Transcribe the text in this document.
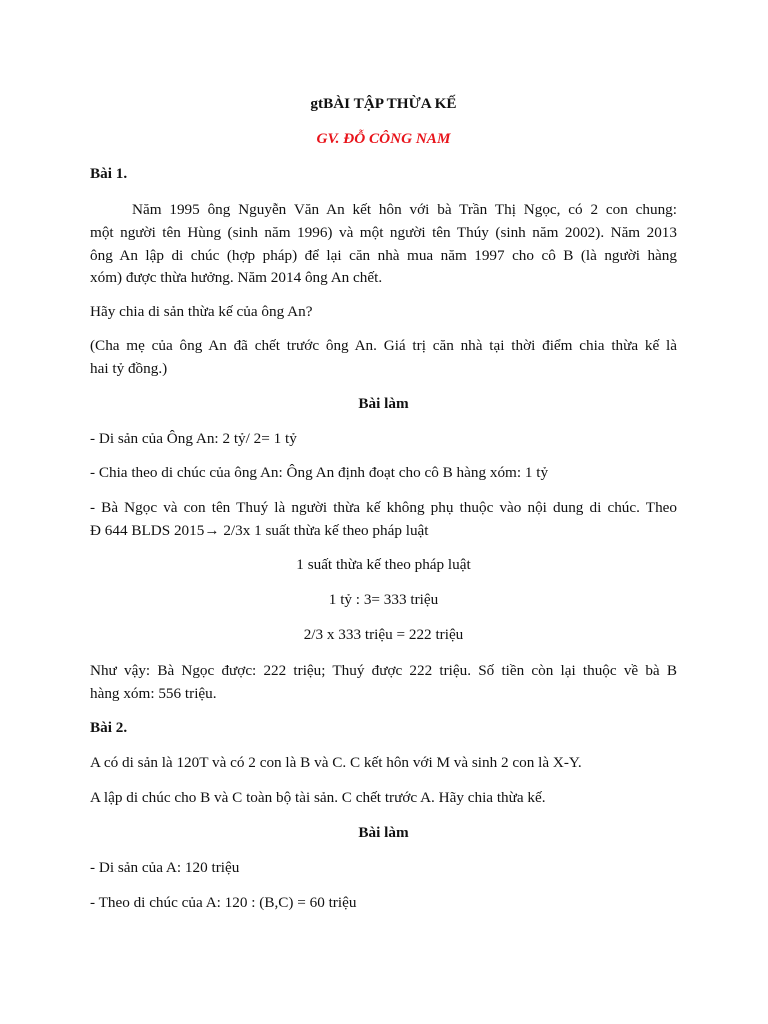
gtBÀI TẬP THỪA KẾ
GV. ĐỖ CÔNG NAM
Bài 1.
Năm 1995 ông Nguyễn Văn An kết hôn với bà Trần Thị Ngọc, có 2 con chung:
một người tên Hùng (sinh năm 1996) và một người tên Thúy (sinh năm 2002). Năm 2013
ông An lập di chúc (hợp pháp) để lại căn nhà mua năm 1997 cho cô B (là người hàng
xóm) được thừa hưởng. Năm 2014 ông An chết.
Hãy chia di sản thừa kế của ông An?
(Cha mẹ của ông An đã chết trước ông An. Giá trị căn nhà tại thời điểm chia thừa kế là
hai tỷ đồng.)
Bài làm
- Di sản của Ông An: 2 tỷ/ 2= 1 tỷ
- Chia theo di chúc của ông An: Ông An định đoạt cho cô B hàng xóm: 1 tỷ
- Bà Ngọc và con tên Thuý là người thừa kế không phụ thuộc vào nội dung di chúc. Theo
Đ 644 BLDS 2015→ 2/3x 1 suất thừa kế theo pháp luật
1 suất thừa kế theo pháp luật
1 tỷ : 3= 333 triệu
2/3 x 333 triệu = 222 triệu
Như vậy: Bà Ngọc được: 222 triệu; Thuý được 222 triệu. Số tiền còn lại thuộc về bà B
hàng xóm: 556 triệu.
Bài 2.
A có di sản là 120T và có 2 con là B và C. C kết hôn với M và sinh 2 con là X-Y.
A lập di chúc cho B và C toàn bộ tài sản. C chết trước A. Hãy chia thừa kế.
Bài làm
- Di sản của A: 120 triệu
- Theo di chúc của A: 120 : (B,C) = 60 triệu
